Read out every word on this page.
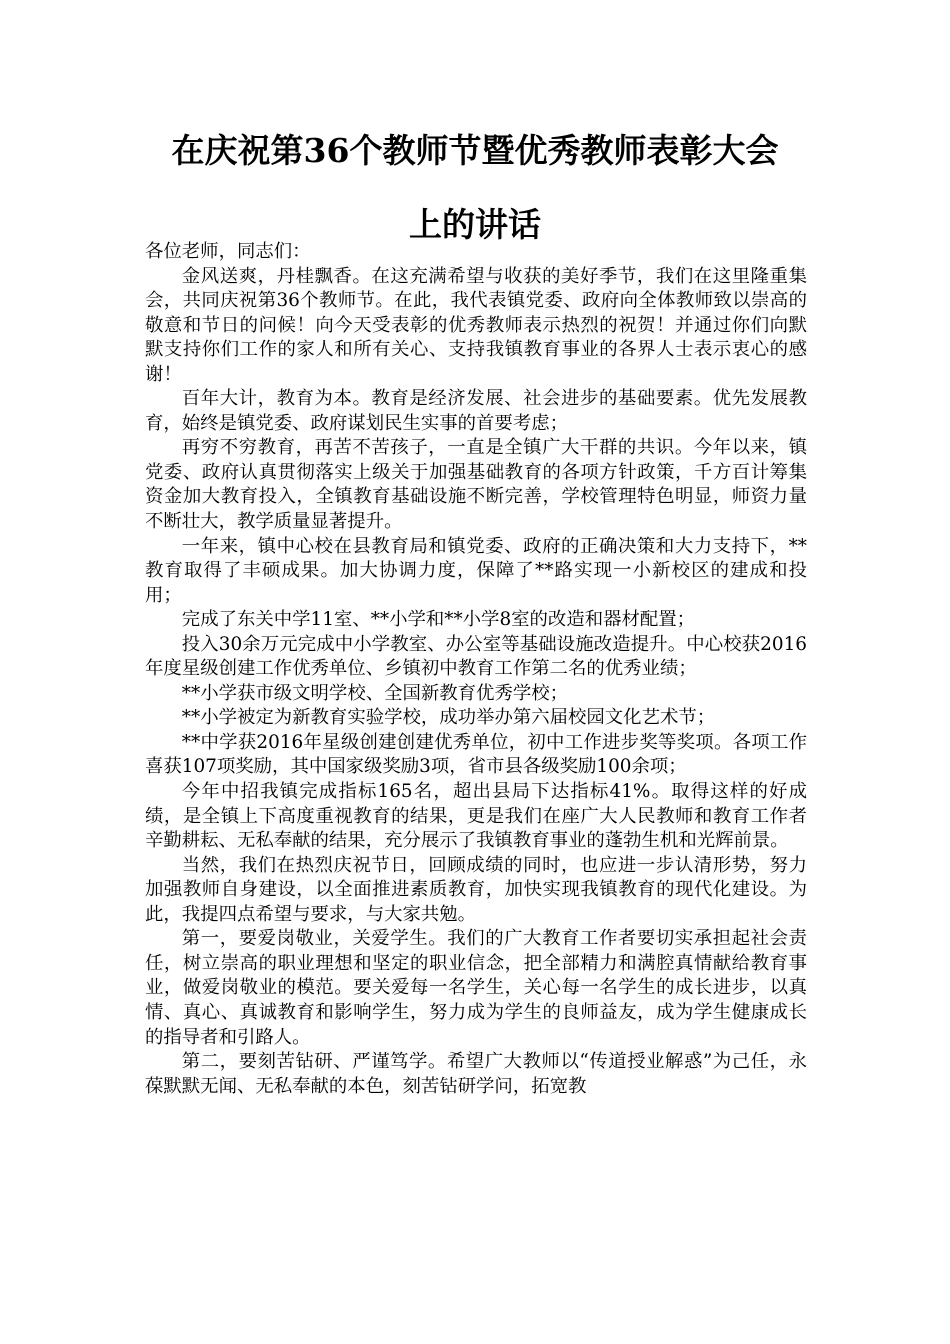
在庆祝第36个教师节暨优秀教师表彰大会
上的讲话

各位老师，同志们：

金风送爽，丹桂飘香。在这充满希望与收获的美好季节，我们在这里隆重集会，共同庆祝第36个教师节。在此，我代表镇党委、政府向全体教师致以崇高的敬意和节日的问候！向今天受表彰的优秀教师表示热烈的祝贺！并通过你们向默默支持你们工作的家人和所有关心、支持我镇教育事业的各界人士表示衷心的感谢！

百年大计，教育为本。教育是经济发展、社会进步的基础要素。优先发展教育，始终是镇党委、政府谋划民生实事的首要考虑；

再穷不穷教育，再苦不苦孩子，一直是全镇广大干群的共识。今年以来，镇党委、政府认真贯彻落实上级关于加强基础教育的各项方针政策，千方百计筹集资金加大教育投入，全镇教育基础设施不断完善，学校管理特色明显，师资力量不断壮大，教学质量显著提升。

一年来，镇中心校在县教育局和镇党委、政府的正确决策和大力支持下，**教育取得了丰硕成果。加大协调力度，保障了**路实现一小新校区的建成和投用；

完成了东关中学11室、**小学和**小学8室的改造和器材配置；

投入30余万元完成中小学教室、办公室等基础设施改造提升。中心校获2016年度星级创建工作优秀单位、乡镇初中教育工作第二名的优秀业绩；

**小学获市级文明学校、全国新教育优秀学校；

**小学被定为新教育实验学校，成功举办第六届校园文化艺术节；

**中学获2016年星级创建创建优秀单位，初中工作进步奖等奖项。各项工作喜获107项奖励，其中国家级奖励3项，省市县各级奖励100余项；

今年中招我镇完成指标165名，超出县局下达指标41%。取得这样的好成绩，是全镇上下高度重视教育的结果，更是我们在座广大人民教师和教育工作者辛勤耕耘、无私奉献的结果，充分展示了我镇教育事业的蓬勃生机和光辉前景。

当然，我们在热烈庆祝节日，回顾成绩的同时，也应进一步认清形势，努力加强教师自身建设，以全面推进素质教育，加快实现我镇教育的现代化建设。为此，我提四点希望与要求，与大家共勉。

第一，要爱岗敬业，关爱学生。我们的广大教育工作者要切实承担起社会责任，树立崇高的职业理想和坚定的职业信念，把全部精力和满腔真情献给教育事业，做爱岗敬业的模范。要关爱每一名学生，关心每一名学生的成长进步，以真情、真心、真诚教育和影响学生，努力成为学生的良师益友，成为学生健康成长的指导者和引路人。

第二，要刻苦钻研、严谨笃学。希望广大教师以“传道授业解惑”为己任，永葆默默无闻、无私奉献的本色，刻苦钻研学问，拓宽教
